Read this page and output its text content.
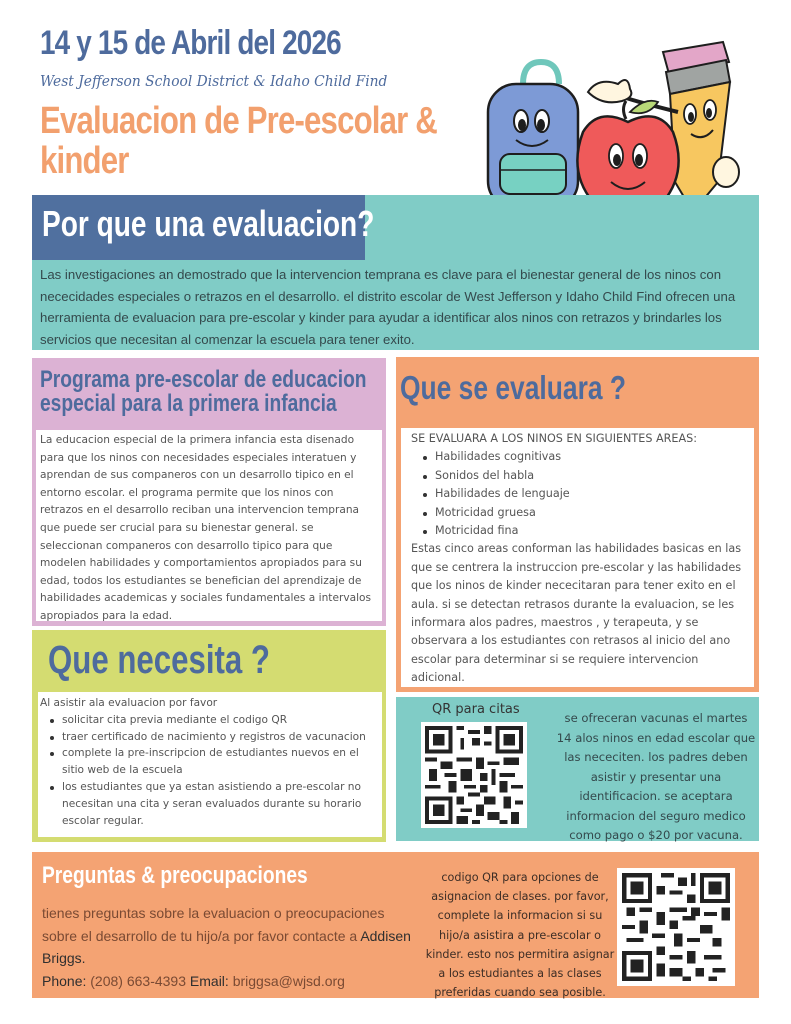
14 y 15 de Abril del 2026
West Jefferson School District & Idaho Child Find
Evaluacion de Pre-escolar & kinder
Por que una evaluacion?

Las investigaciones an demostrado que la intervencion temprana es clave para el bienestar general de los ninos con nececidades especiales o retrazos en el desarrollo. el distrito escolar de West Jefferson y Idaho Child Find ofrecen una herramienta de evaluacion para pre-escolar y kinder para ayudar a identificar alos ninos con retrazos y brindarles los servicios que necesitan al comenzar la escuela para tener exito.

Programa pre-escolar de educacion especial para la primera infancia

La educacion especial de la primera infancia esta disenado para que los ninos con necesidades especiales interatuen y aprendan de sus companeros con un desarrollo tipico en el entorno escolar. el programa permite que los ninos con retrazos en el desarrollo reciban una intervencion temprana que puede ser crucial para su bienestar general. se seleccionan companeros con desarrollo tipico para que modelen habilidades y comportamientos apropiados para su edad, todos los estudiantes se benefician del aprendizaje de habilidades academicas y sociales fundamentales a intervalos apropiados para la edad.

Que se evaluara ?

SE EVALUARA A LOS NINOS EN SIGUIENTES AREAS:

Habilidades cognitivas
Sonidos del habla
Habilidades de lenguaje
Motricidad gruesa
Motricidad fina

Estas cinco areas conforman las habilidades basicas en las que se centrera la instruccion pre-escolar y las habilidades que los ninos de kinder nececitaran para tener exito en el aula. si se detectan retrasos durante la evaluacion, se les informara alos padres, maestros , y terapeuta, y se observara a los estudiantes con retrasos al inicio del ano escolar para determinar si se requiere intervencion adicional.

Que necesita ?

Al asistir ala evaluacion por favor

solicitar cita previa mediante el codigo QR
traer certificado de nacimiento y registros de vacunacion
complete la pre-inscripcion de estudiantes nuevos en el sitio web de la escuela
los estudiantes que ya estan asistiendo a pre-escolar no necesitan una cita y seran evaluados durante su horario escolar regular.
QR para citas

se ofreceran vacunas el martes 14 alos ninos en edad escolar que las nececiten. los padres deben asistir y presentar una identificacion. se aceptara informacion del seguro medico como pago o $20 por vacuna.

Preguntas & preocupaciones
tienes preguntas sobre la evaluacion o preocupaciones sobre el desarrollo de tu hijo/a por favor contacte a Addisen Briggs.
Phone: (208) 663-4393 Email: briggsa@wjsd.org

codigo QR para opciones de asignacion de clases. por favor, complete la informacion si su hijo/a asistira a pre-escolar o kinder. esto nos permitira asignar a los estudiantes a las clases preferidas cuando sea posible.
